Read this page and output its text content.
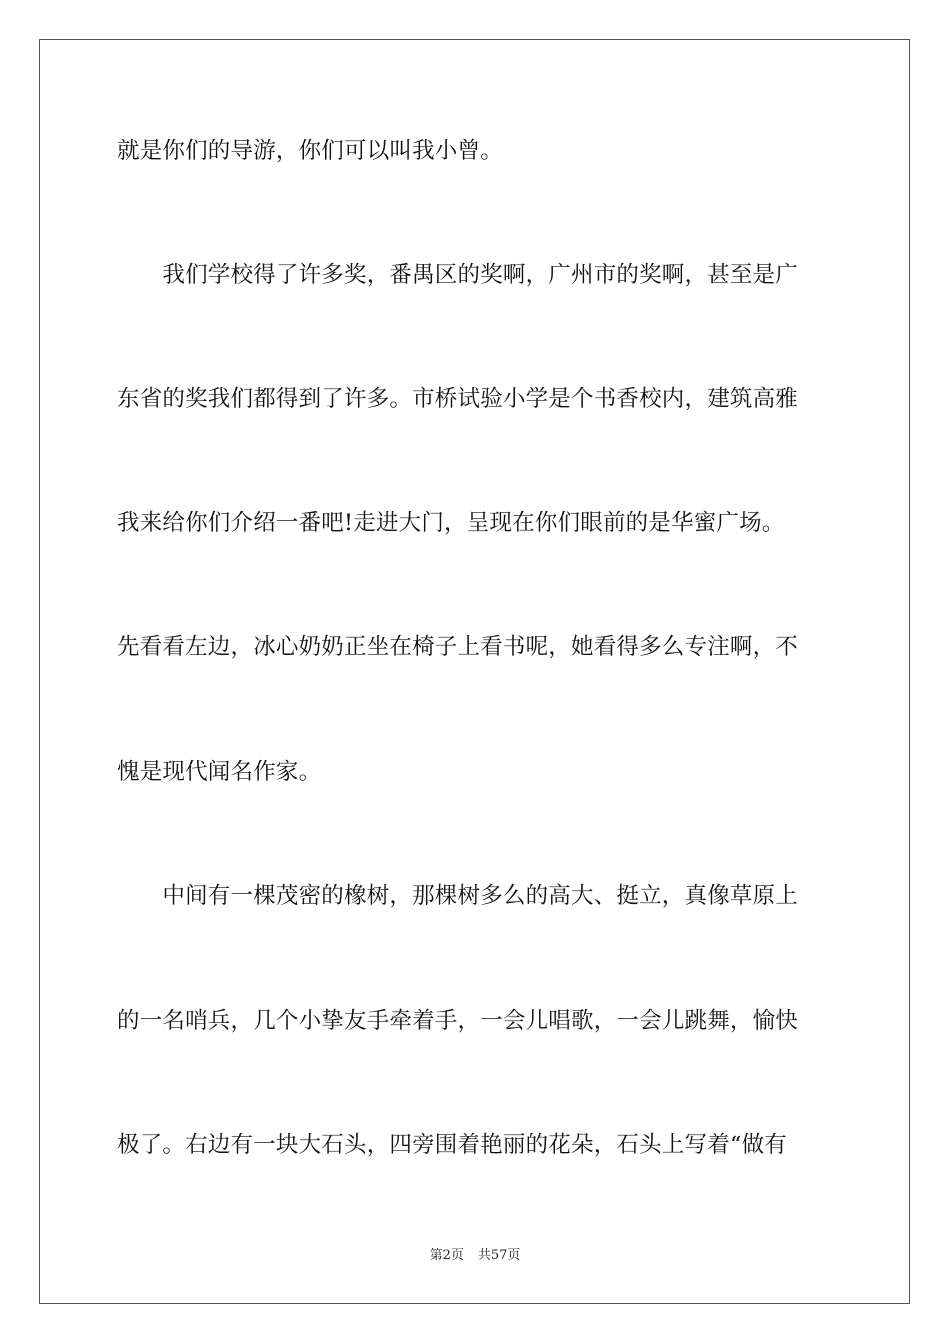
就是你们的导游，你们可以叫我小曾。
　　我们学校得了许多奖，番禺区的奖啊，广州市的奖啊，甚至是广
东省的奖我们都得到了许多。市桥试验小学是个书香校内，建筑高雅
我来给你们介绍一番吧!走进大门，呈现在你们眼前的是华蜜广场。
先看看左边，冰心奶奶正坐在椅子上看书呢，她看得多么专注啊，不
愧是现代闻名作家。
　　中间有一棵茂密的橡树，那棵树多么的高大、挺立，真像草原上
的一名哨兵，几个小挚友手牵着手，一会儿唱歌，一会儿跳舞，愉快
极了。右边有一块大石头，四旁围着艳丽的花朵，石头上写着“做有
第2页 共57页
